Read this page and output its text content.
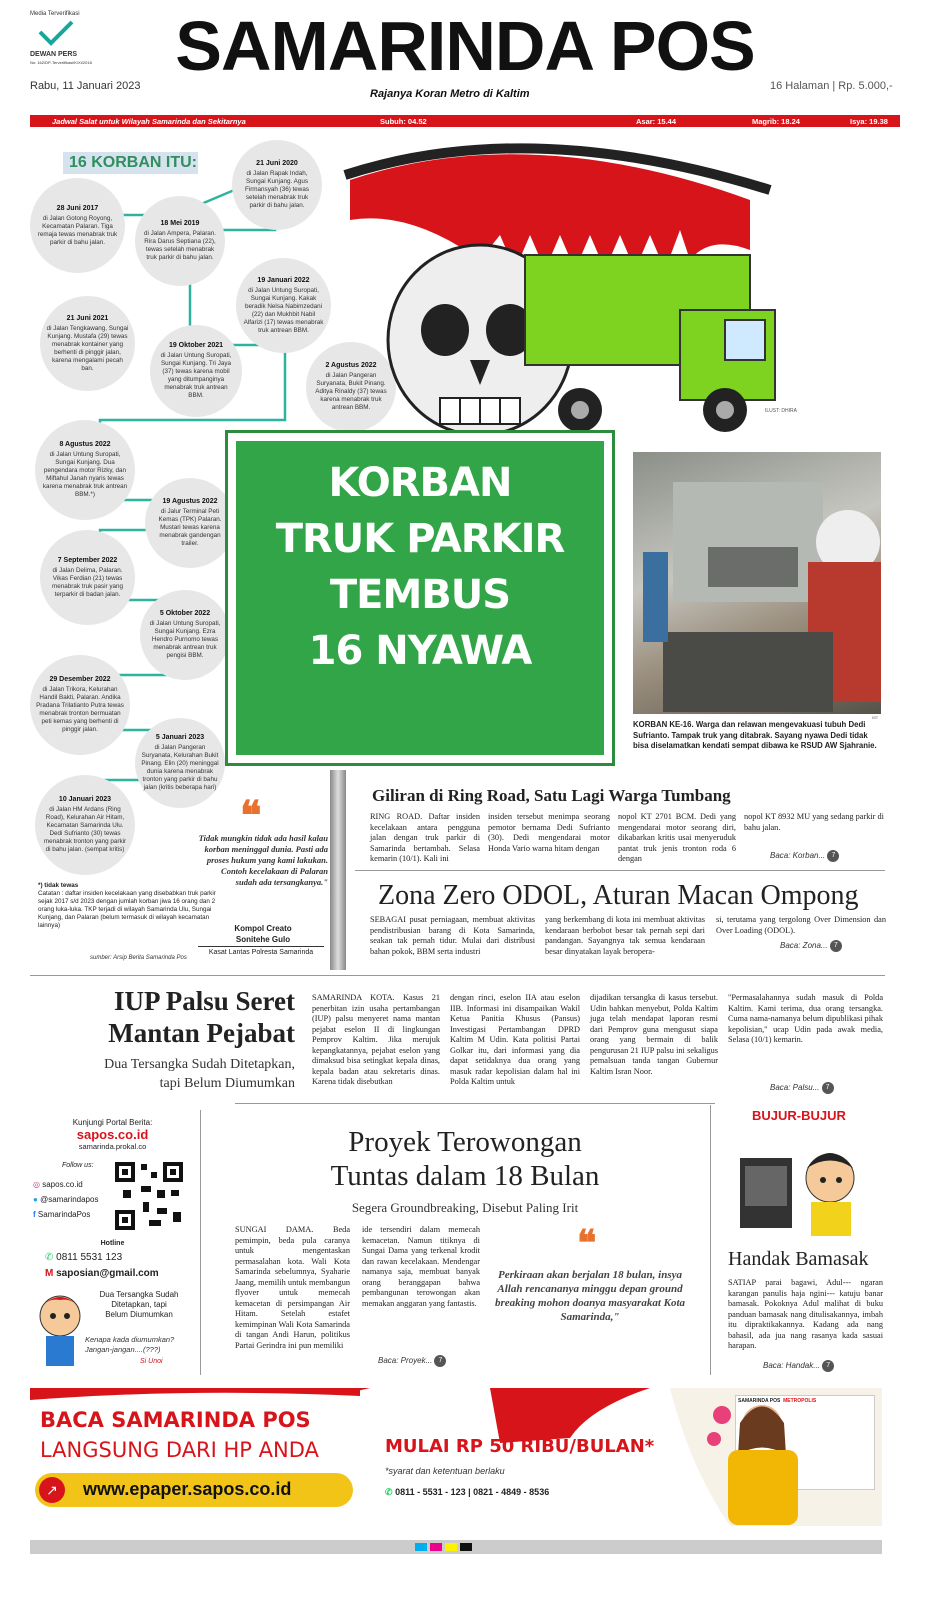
Media Terverifikasi
DEWAN PERS
No: 162/DP-Terverifikasi/K/XI/2018	SAMARINDA POS
Rabu, 11 Januari 2023
Rajanya Koran Metro di Kaltim
16 Halaman | Rp. 5.000,-
Jadwal Salat untuk Wilayah Samarinda dan Sekitarnya	Subuh: 04.52	Asar: 15.44	Magrib: 18.24	Isya: 19.38
16 KORBAN ITU:	21 Juni 2020
di Jalan Rapak Indah, Sungai Kunjang. Agus Firmansyah (36) tewas setelah menabrak truk parkir di bahu jalan.
28 Juni 2017
di Jalan Gotong Royong, Kecamatan Palaran. Tiga remaja tewas menabrak truk parkir di bahu jalan.
18 Mei 2019
di Jalan Ampera, Palaran. Rira Darus Septiana (22), tewas setelah menabrak truk parkir di bahu jalan.
19 Januari 2022
di Jalan Untung Suropati, Sungai Kunjang. Kakak beradik Nelsa Nabimzedani (22) dan Mukhbit Nabil Alfarizi (17) tewas menabrak truk antrean BBM.
21 Juni 2021
di Jalan Tengkawang, Sungai Kunjang. Mustafa (29) tewas menabrak kontainer yang berhenti di pinggir jalan, karena mengalami pecah ban.
19 Oktober 2021
di Jalan Untung Suropati, Sungai Kunjang. Tri Jaya (37) tewas karena mobil yang ditumpanginya menabrak truk antrean BBM.
2 Agustus 2022
di Jalan Pangeran Suryanata, Bukit Pinang. Aditya Rinaldy (37) tewas karena menabrak truk antrean BBM.
8 Agustus 2022
di Jalan Untung Suropati, Sungai Kunjang. Dua pengendara motor Rizky, dan Miftahul Janah nyaris tewas karena menabrak truk antrean BBM.*)
19 Agustus 2022
di Jalur Terminal Peti Kemas (TPK) Palaran. Mustari tewas karena menabrak gandengan trailer.
7 September 2022
di Jalan Delima, Palaran. Vikas Ferdian (21) tewas menabrak truk pasir yang terparkir di badan jalan.
5 Oktober 2022
di Jalan Untung Suropati, Sungai Kunjang. Ezra Hendro Purnomo tewas menabrak antrean truk pengisi BBM.
29 Desember 2022
di Jalan Trikora, Kelurahan Handil Bakti, Palaran. Andika Pradana Trilatianto Putra tewas menabrak tronton bermuatan peti kemas yang berhenti di pinggir jalan.
5 Januari 2023
di Jalan Pangeran Suryanata, Kelurahan Bukit Pinang. Elin (20) meninggal dunia karena menabrak tronton yang parkir di bahu jalan (kritis beberapa hari)
10 Januari 2023
di Jalan HM Ardans (Ring Road), Kelurahan Air Hitam, Kecamatan Samarinda Ulu. Dedi Sufrianto (30) tewas menabrak tronton yang parkir di bahu jalan. (sempat kritis)
*) tidak tewas
Catatan : daftar insiden kecelakaan yang disebabkan truk parkir sejak 2017 s/d 2023 dengan jumlah korban jiwa 16 orang dan 2 orang luka-luka. TKP terjadi di wilayah Samarinda Ulu, Sungai Kunjang, dan Palaran (belum termasuk di wilayah kecamatan lainnya)
sumber: Arsip Berita Samarinda Pos
ILUST: DHIRA
KORBAN
TRUK PARKIR
TEMBUS
16 NYAWA
IST
KORBAN KE-16. Warga dan relawan mengevakuasi tubuh Dedi Sufrianto. Tampak truk yang ditabrak. Sayang nyawa Dedi tidak bisa diselamatkan kendati sempat dibawa ke RSUD AW Sjahranie.
❝
Tidak mungkin tidak ada hasil kalau korban meninggal dunia. Pasti ada proses hukum yang kami lakukan. Contoh kecelakaan di Palaran sudah ada tersangkanya."
Kompol Creato
Sonitehe Gulo
Kasat Lantas Polresta Samarinda
Giliran di Ring Road, Satu Lagi Warga Tumbang
RING ROAD. Daftar insiden kecelakaan antara pengguna jalan dengan truk parkir di Samarinda bertambah. Selasa kemarin (10/1). Kali ini
insiden tersebut menimpa seorang pemotor bernama Dedi Sufrianto (30). Dedi mengendarai motor Honda Vario warna hitam dengan
nopol KT 2701 BCM. Dedi yang mengendarai motor seorang diri, dikabarkan kritis usai menyeruduk pantat truk jenis tronton roda 6 dengan
nopol KT 8932 MU yang sedang parkir di bahu jalan.
Baca: Korban... 7
Zona Zero ODOL, Aturan Macan Ompong
SEBAGAI pusat perniagaan, membuat aktivitas pendistribusian barang di Kota Samarinda, seakan tak pernah tidur. Mulai dari distribusi bahan pokok, BBM serta industri
yang berkembang di kota ini membuat aktivitas kendaraan berbobot besar tak pernah sepi dari pandangan. Sayangnya tak semua kendaraan besar dinyatakan layak beropera-
si, terutama yang tergolong Over Dimension dan Over Loading (ODOL).
Baca: Zona... 7
IUP Palsu Seret
Mantan Pejabat
Dua Tersangka Sudah Ditetapkan,
tapi Belum Diumumkan
SAMARINDA KOTA. Kasus 21 penerbitan izin usaha pertambangan (IUP) palsu menyeret nama mantan pejabat eselon II di lingkungan Pemprov Kaltim. Jika merujuk kepangkatannya, pejabat eselon yang dimaksud bisa setingkat kepala dinas, kepala badan atau sekretaris dinas. Karena tidak disebutkan
dengan rinci, eselon IIA atau eselon IIB. Informasi ini disampaikan Wakil Ketua Panitia Khusus (Pansus) Investigasi Pertambangan DPRD Kaltim M Udin. Kata politisi Partai Golkar itu, dari informasi yang dia dapat setidaknya dua orang yang masuk radar kepolisian dalam hal ini Polda Kaltim untuk
dijadikan tersangka di kasus tersebut. Udin bahkan menyebut, Polda Kaltim juga telah mendapat laporan resmi dari Pemprov guna mengusut siapa orang yang bermain di balik pengurusan 21 IUP palsu ini sekaligus pemalsuan tanda tangan Gubernur Kaltim Isran Noor.
"Permasalahannya sudah masuk di Polda Kaltim. Kami terima, dua orang tersangka. Cuma nama-namanya belum dipublikasi pihak kepolisian," ucap Udin pada awak media, Selasa (10/1) kemarin.
Baca: Palsu... 7
Kunjungi Portal Berita:
sapos.co.id
samarinda.prokal.co
Follow us:
◎ sapos.co.id
● @samarindapos
f SamarindaPos
Hotline
✆ 0811 5531 123
M saposian@gmail.com
Dua Tersangka Sudah
Ditetapkan, tapi
Belum Diumumkan
Kenapa kada diumumkan? Jangan-jangan....(???)
Si Unoi
Proyek Terowongan
Tuntas dalam 18 Bulan
Segera Groundbreaking, Disebut Paling Irit
SUNGAI DAMA. Beda pemimpin, beda pula caranya untuk mengentaskan permasalahan kota. Wali Kota Samarinda sebelumnya, Syaharie Jaang, memilih untuk membangun flyover untuk memecah kemacetan di persimpangan Air Hitam. Setelah estafet kemimpinan Wali Kota Samarinda di tangan Andi Harun, politikus Partai Gerindra ini pun memiliki
ide tersendiri dalam memecah kemacetan. Namun titiknya di Sungai Dama yang terkenal krodit dan rawan kecelakaan. Mendengar namanya saja, membuat banyak orang beranggapan bahwa pembangunan terowongan akan memakan anggaran yang fantastis.
❝
Perkiraan akan berjalan 18 bulan, insya Allah rencananya minggu depan ground breaking mohon doanya masyarakat Kota Samarinda,"
Baca: Proyek... 7
BUJUR-BUJUR
Handak Bamasak
SATIAP parai bagawi, Adul--- ngaran karangan panulis haja ngini--- katuju banar bamasak. Pokoknya Adul malihat di buku panduan bamasak nang ditulisakannya, imbah itu dipraktikakannya. Kadang ada nang bahasil, ada jua nang rasanya kada sasuai harapan.
Baca: Handak... 7
BACA SAMARINDA POS
LANGSUNG DARI HP ANDA
↗	www.epaper.sapos.co.id
MULAI RP 50 RIBU/BULAN*
*syarat dan ketentuan berlaku
✆ 0811 - 5531 - 123 | 0821 - 4849 - 8536
SAMARINDA POS METROPOLIS
